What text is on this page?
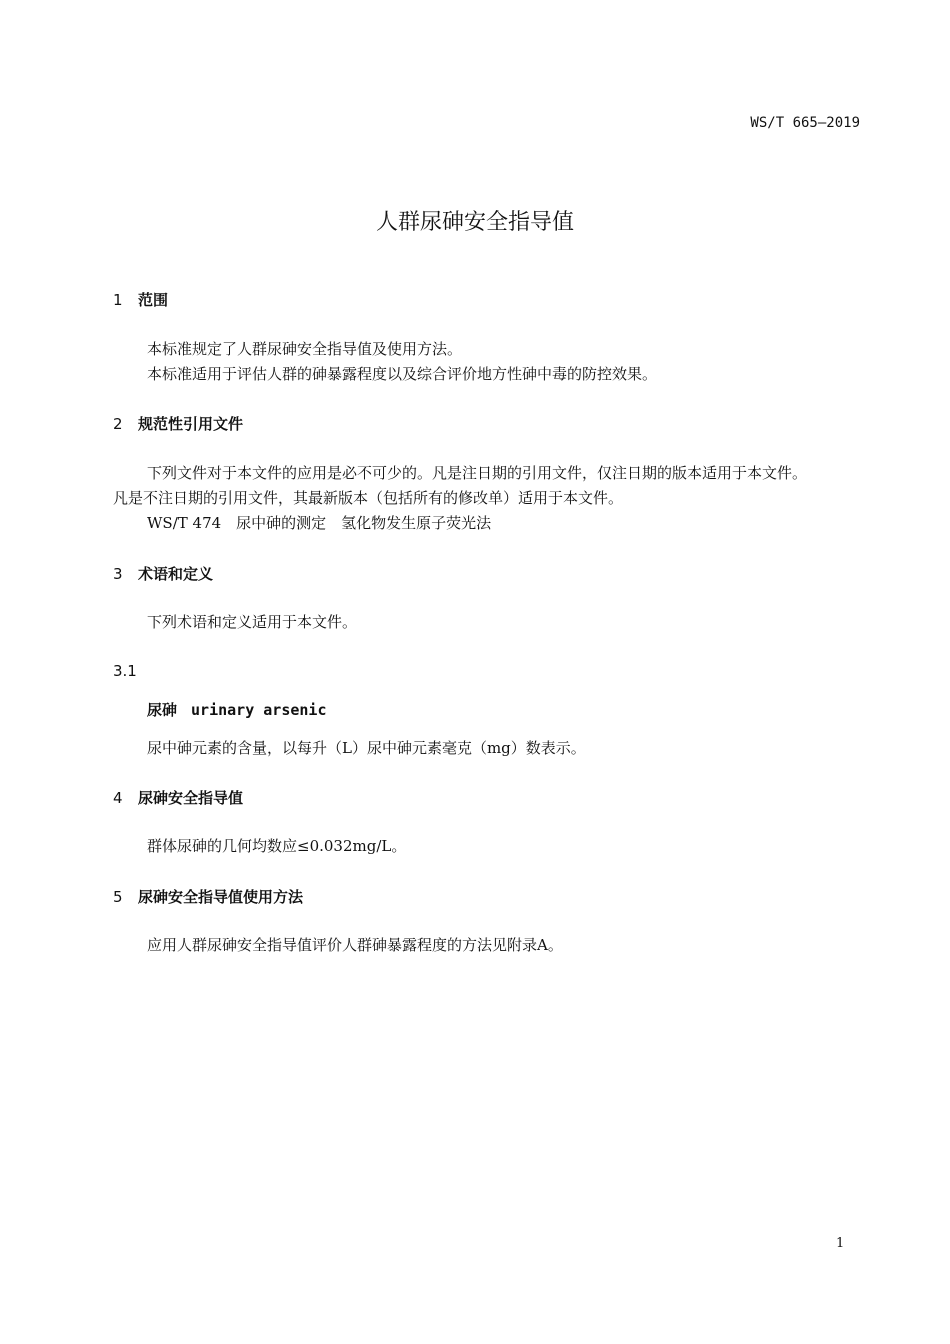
WS/T 665—2019
人群尿砷安全指导值
1 范围
本标准规定了人群尿砷安全指导值及使用方法。
本标准适用于评估人群的砷暴露程度以及综合评价地方性砷中毒的防控效果。
2 规范性引用文件
下列文件对于本文件的应用是必不可少的。凡是注日期的引用文件，仅注日期的版本适用于本文件。
凡是不注日期的引用文件，其最新版本（包括所有的修改单）适用于本文件。
WS/T 474　尿中砷的测定　氢化物发生原子荧光法
3 术语和定义
下列术语和定义适用于本文件。
3.1
尿砷 urinary arsenic
尿中砷元素的含量，以每升（L）尿中砷元素毫克（mg）数表示。
4 尿砷安全指导值
群体尿砷的几何均数应≤0.032mg/L。
5 尿砷安全指导值使用方法
应用人群尿砷安全指导值评价人群砷暴露程度的方法见附录A。
1
